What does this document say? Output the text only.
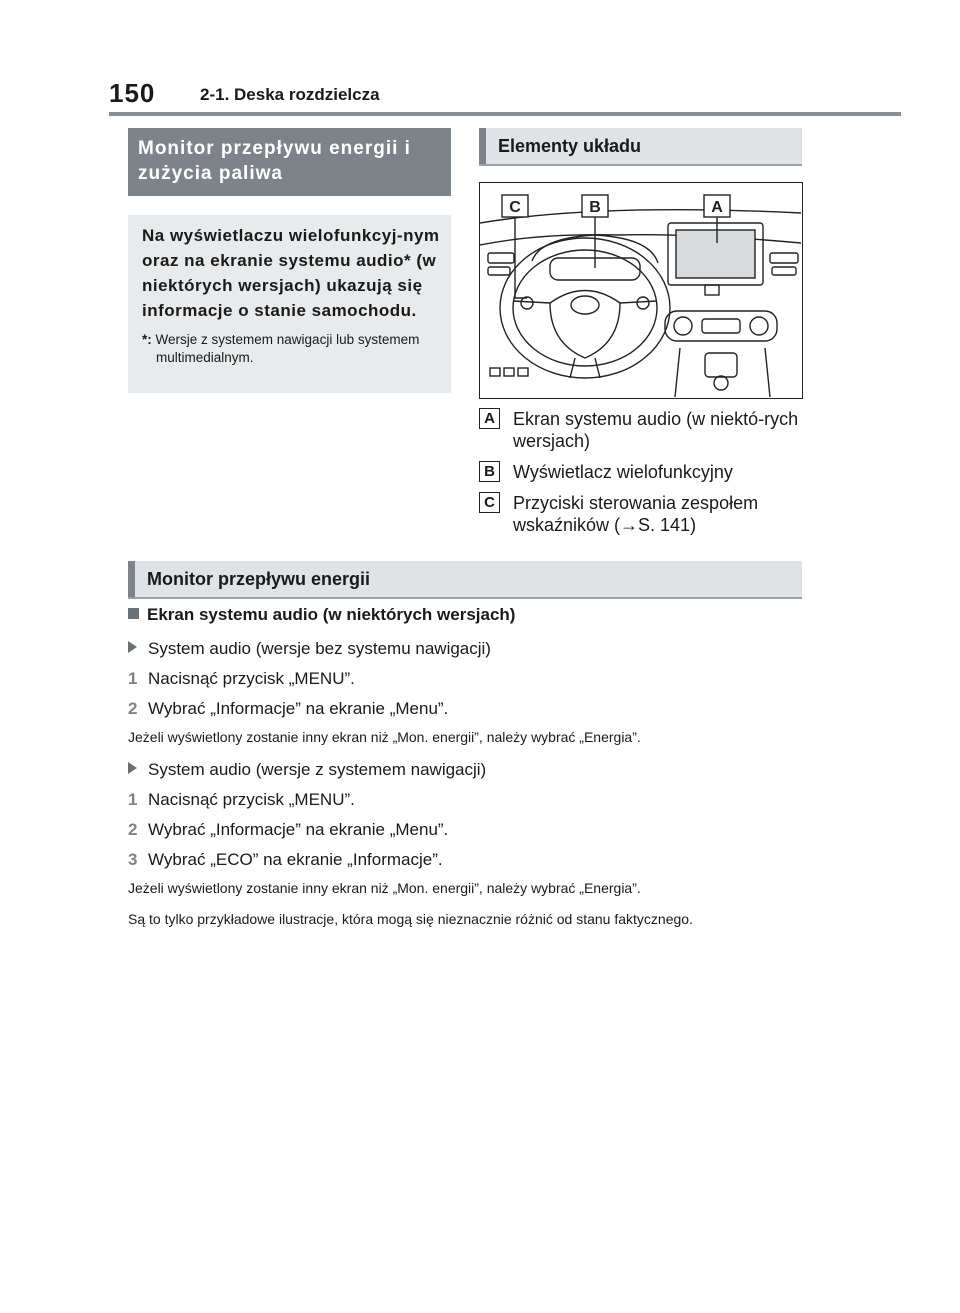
150	2-1. Deska rozdzielcza
Monitor przepływu energii i zużycia paliwa
Na wyświetlaczu wielofunkcyj-nym oraz na ekranie systemu audio* (w niektórych wersjach) ukazują się informacje o stanie samochodu.
*: Wersje z systemem nawigacji lub systemem multimedialnym.
Elementy układu
C	B	A
A Ekran systemu audio (w niektó-rych wersjach)
B Wyświetlacz wielofunkcyjny
C Przyciski sterowania zespołem wskaźników (→S. 141)
Monitor przepływu energii
Ekran systemu audio (w niektórych wersjach)
System audio (wersje bez systemu nawigacji)
1 Nacisnąć przycisk „MENU”.
2 Wybrać „Informacje” na ekranie „Menu”.
Jeżeli wyświetlony zostanie inny ekran niż „Mon. energii”, należy wybrać „Energia”.
System audio (wersje z systemem nawigacji)
1 Nacisnąć przycisk „MENU”.
2 Wybrać „Informacje” na ekranie „Menu”.
3 Wybrać „ECO” na ekranie „Informacje”.
Jeżeli wyświetlony zostanie inny ekran niż „Mon. energii”, należy wybrać „Energia”.
Są to tylko przykładowe ilustracje, która mogą się nieznacznie różnić od stanu faktycznego.
